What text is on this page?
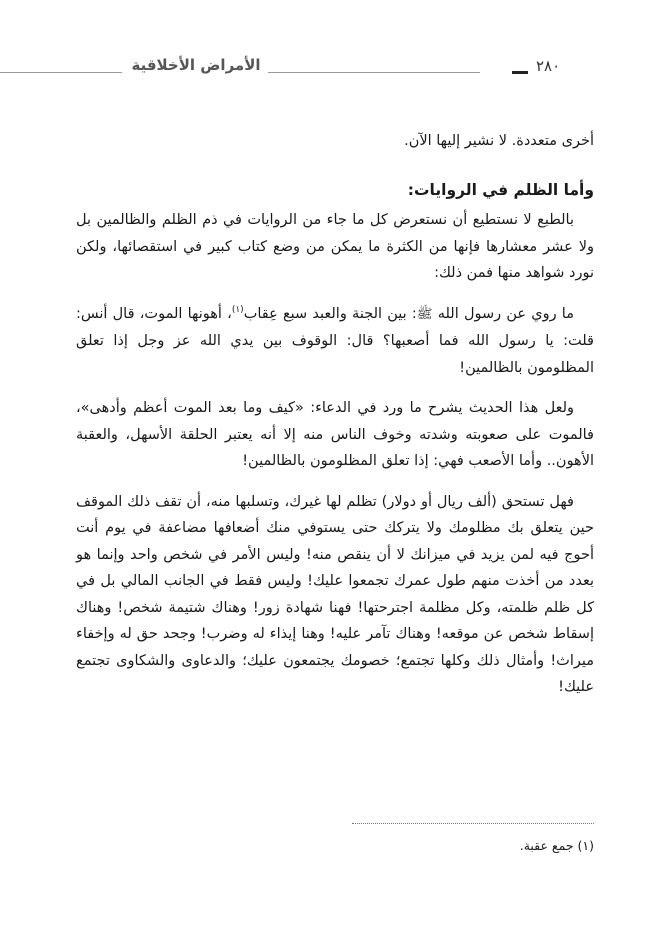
الأمراض الأخلاقية	٢٨٠

أخرى متعددة. لا نشير إليها الآن.

وأما الظلم في الروايات:

بالطبع لا نستطيع أن نستعرض كل ما جاء من الروايات في ذم الظلم والظالمين بل ولا عشر معشارها فإنها من الكثرة ما يمكن من وضع كتاب كبير في استقصائها، ولكن نورد شواهد منها فمن ذلك:

ما روي عن رسول الله ﷺ: بين الجنة والعبد سبع عِقاب$^{(١)}$، أهونها الموت، قال أنس: قلت: يا رسول الله فما أصعبها؟ قال: الوقوف بين يدي الله عز وجل إذا تعلق المظلومون بالظالمين!

ولعل هذا الحديث يشرح ما ورد في الدعاء: «كيف وما بعد الموت أعظم وأدهى»، فالموت على صعوبته وشدته وخوف الناس منه إلا أنه يعتبر الحلقة الأسهل، والعقبة الأهون.. وأما الأصعب فهي: إذا تعلق المظلومون بالظالمين!

فهل تستحق (ألف ريال أو دولار) تظلم لها غيرك، وتسلبها منه، أن تقف ذلك الموقف حين يتعلق بك مظلومك ولا يتركك حتى يستوفي منك أضعافها مضاعفة في يوم أنت أحوج فيه لمن يزيد في ميزانك لا أن ينقص منه! وليس الأمر في شخص واحد وإنما هو بعدد من أخذت منهم طول عمرك تجمعوا عليك! وليس فقط في الجانب المالي بل في كل ظلم ظلمته، وكل مظلمة اجترحتها! فهنا شهادة زور! وهناك شتيمة شخص! وهناك إسقاط شخص عن موقعه! وهناك تآمر عليه! وهنا إيذاء له وضرب! وجحد حق له وإخفاء ميراث! وأمثال ذلك وكلها تجتمع؛ خصومك يجتمعون عليك؛ والدعاوى والشكاوى تجتمع عليك!

(١) جمع عقبة.
